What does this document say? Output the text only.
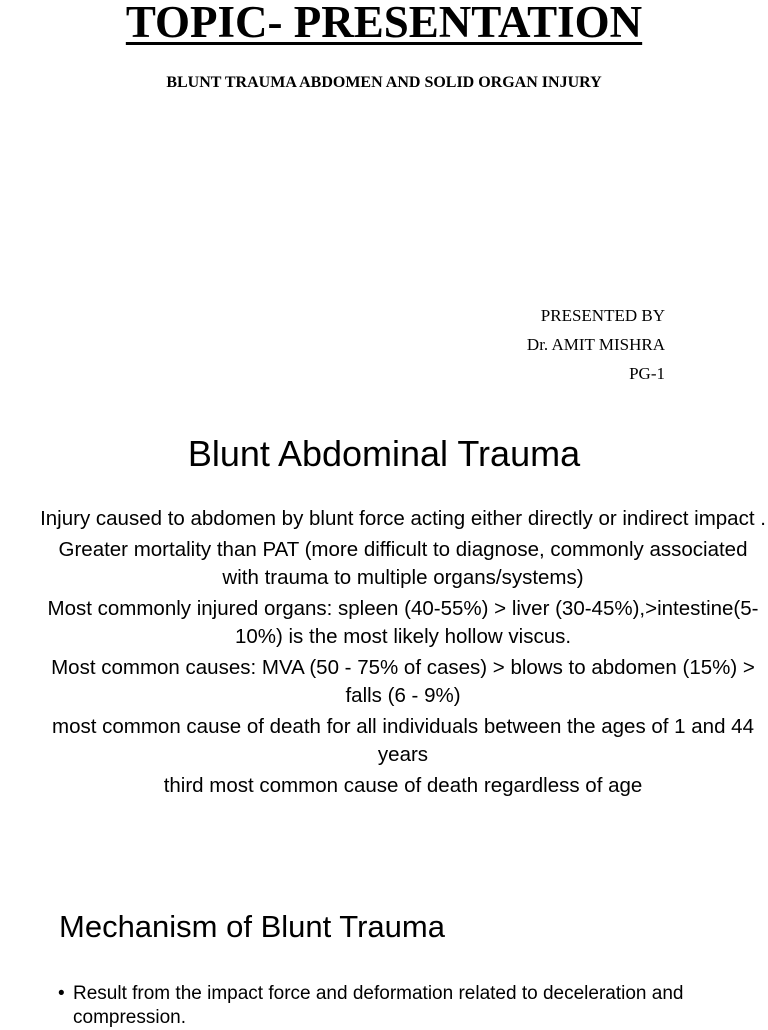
TOPIC- PRESENTATION

BLUNT TRAUMA ABDOMEN AND SOLID ORGAN INJURY

PRESENTED BY
Dr. AMIT MISHRA
PG-1
Blunt Abdominal Trauma

Injury caused to abdomen by blunt force acting either directly or indirect impact .

Greater mortality than PAT (more difficult to diagnose, commonly associated with trauma to multiple organs/systems)

Most commonly injured organs: spleen (40-55%) > liver (30-45%),>intestine(5-10%) is the most likely hollow viscus.

Most common causes: MVA (50 - 75% of cases) > blows to abdomen (15%) > falls (6 - 9%)

most common cause of death for all individuals between the ages of 1 and 44 years

third most common cause of death regardless of age

Mechanism of Blunt Trauma
• Result from the impact force and deformation related to deceleration and compression.
